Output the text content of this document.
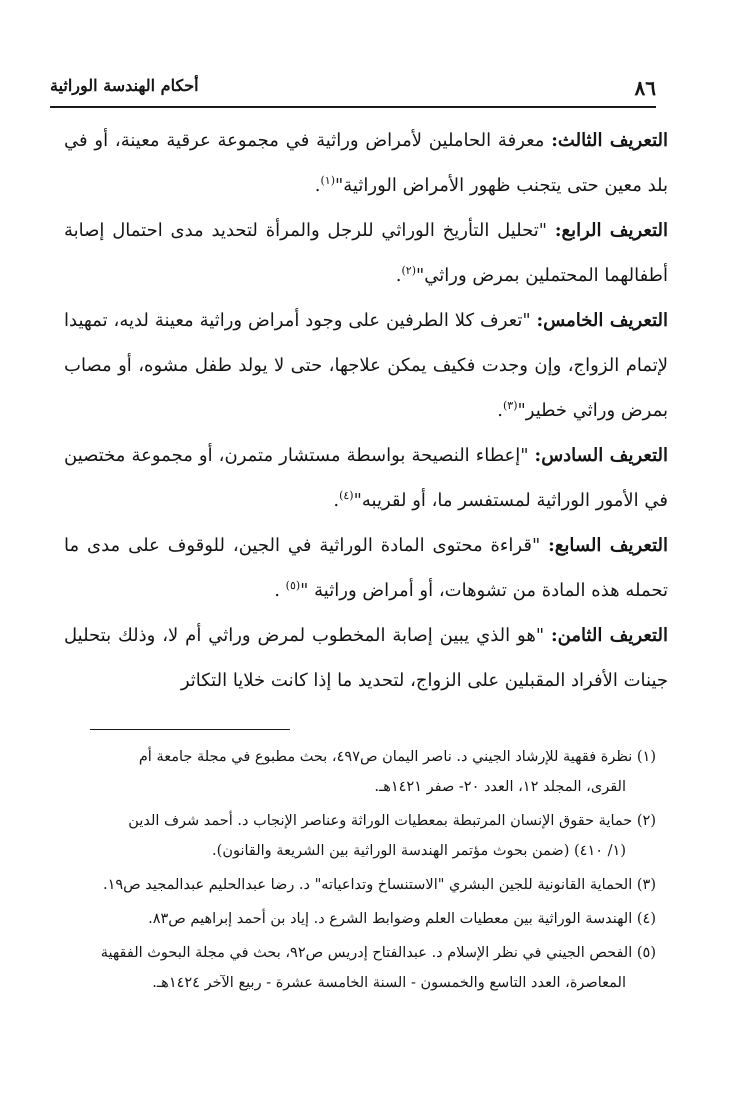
٨٦
أحكام الهندسة الوراثية

التعريف الثالث: معرفة الحاملين لأمراض وراثية في مجموعة عرقية معينة، أو في بلد معين حتى يتجنب ظهور الأمراض الوراثية"$^{(١)}$.

التعريف الرابع: "تحليل التأريخ الوراثي للرجل والمرأة لتحديد مدى احتمال إصابة أطفالهما المحتملين بمرض وراثي"$^{(٢)}$.

التعريف الخامس: "تعرف كلا الطرفين على وجود أمراض وراثية معينة لديه، تمهيدا لإتمام الزواج، وإن وجدت فكيف يمكن علاجها، حتى لا يولد طفل مشوه، أو مصاب بمرض وراثي خطير"$^{(٣)}$.

التعريف السادس: "إعطاء النصيحة بواسطة مستشار متمرن، أو مجموعة مختصين في الأمور الوراثية لمستفسر ما، أو لقريبه"$^{(٤)}$.

التعريف السابع: "قراءة محتوى المادة الوراثية في الجين، للوقوف على مدى ما تحمله هذه المادة من تشوهات، أو أمراض وراثية "$^{(٥)}$ .

التعريف الثامن: "هو الذي يبين إصابة المخطوب لمرض وراثي أم لا، وذلك بتحليل جينات الأفراد المقبلين على الزواج، لتحديد ما إذا كانت خلايا التكاثر

(١) نظرة فقهية للإرشاد الجيني د. ناصر اليمان ص٤٩٧، بحث مطبوع في مجلة جامعة أم
القرى، المجلد ١٢، العدد ٢٠- صفر ١٤٢١هـ.

(٢) حماية حقوق الإنسان المرتبطة بمعطيات الوراثة وعناصر الإنجاب د. أحمد شرف الدين
(١/ ٤١٠) (ضمن بحوث مؤتمر الهندسة الوراثية بين الشريعة والقانون).

(٣) الحماية القانونية للجين البشري "الاستنساخ وتداعياته" د. رضا عبدالحليم عبدالمجيد ص١٩.

(٤) الهندسة الوراثية بين معطيات العلم وضوابط الشرع د. إياد بن أحمد إبراهيم ص٨٣.

(٥) الفحص الجيني في نظر الإسلام د. عبدالفتاح إدريس ص٩٢، بحث في مجلة البحوث الفقهية
المعاصرة، العدد التاسع والخمسون - السنة الخامسة عشرة - ربيع الآخر ١٤٢٤هـ.
